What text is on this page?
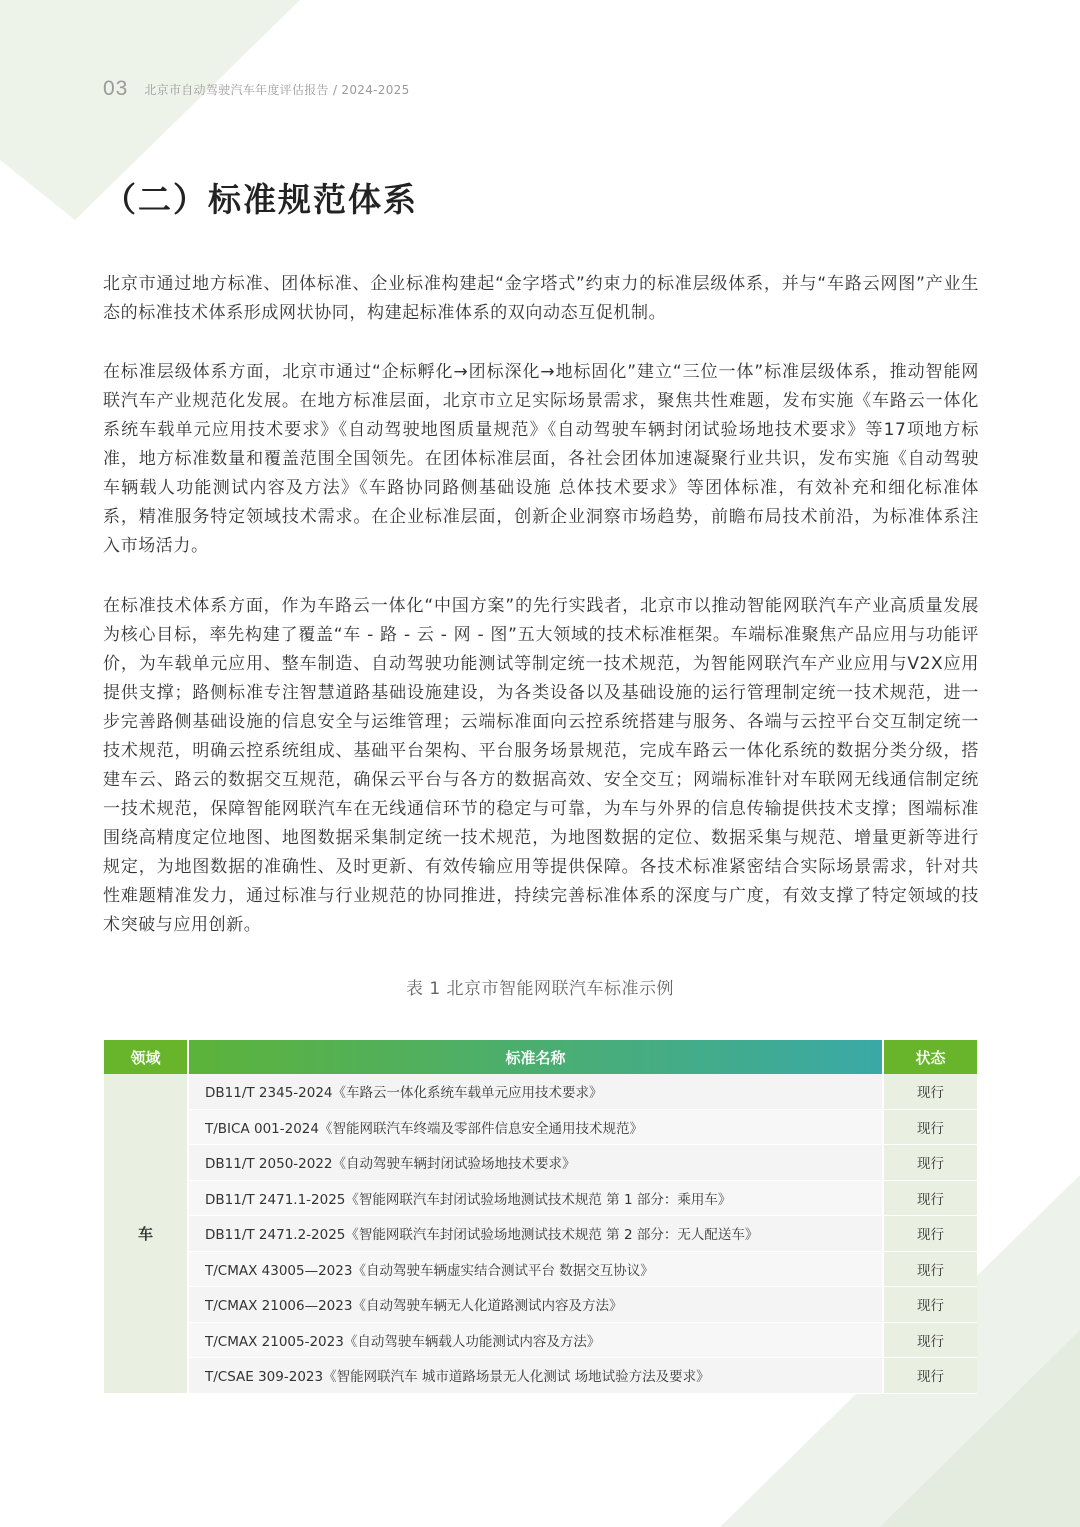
03 北京市自动驾驶汽车年度评估报告 / 2024-2025
（二）标准规范体系

北京市通过地方标准、团体标准、企业标准构建起“金字塔式”约束力的标准层级体系，并与“车路云网图”产业生态的标准技术体系形成网状协同，构建起标准体系的双向动态互促机制。

在标准层级体系方面，北京市通过“企标孵化→团标深化→地标固化”建立“三位一体”标准层级体系，推动智能网联汽车产业规范化发展。在地方标准层面，北京市立足实际场景需求，聚焦共性难题，发布实施《车路云一体化系统车载单元应用技术要求》《自动驾驶地图质量规范》《自动驾驶车辆封闭试验场地技术要求》等17项地方标准，地方标准数量和覆盖范围全国领先。在团体标准层面，各社会团体加速凝聚行业共识，发布实施《自动驾驶车辆载人功能测试内容及方法》《车路协同路侧基础设施 总体技术要求》等团体标准，有效补充和细化标准体系，精准服务特定领域技术需求。在企业标准层面，创新企业洞察市场趋势，前瞻布局技术前沿，为标准体系注入市场活力。

在标准技术体系方面，作为车路云一体化“中国方案”的先行实践者，北京市以推动智能网联汽车产业高质量发展为核心目标，率先构建了覆盖“车 - 路 - 云 - 网 - 图”五大领域的技术标准框架。车端标准聚焦产品应用与功能评价，为车载单元应用、整车制造、自动驾驶功能测试等制定统一技术规范，为智能网联汽车产业应用与V2X应用提供支撑；路侧标准专注智慧道路基础设施建设，为各类设备以及基础设施的运行管理制定统一技术规范，进一步完善路侧基础设施的信息安全与运维管理；云端标准面向云控系统搭建与服务、各端与云控平台交互制定统一技术规范，明确云控系统组成、基础平台架构、平台服务场景规范，完成车路云一体化系统的数据分类分级，搭建车云、路云的数据交互规范，确保云平台与各方的数据高效、安全交互；网端标准针对车联网无线通信制定统一技术规范，保障智能网联汽车在无线通信环节的稳定与可靠，为车与外界的信息传输提供技术支撑；图端标准围绕高精度定位地图、地图数据采集制定统一技术规范，为地图数据的定位、数据采集与规范、增量更新等进行规定，为地图数据的准确性、及时更新、有效传输应用等提供保障。各技术标准紧密结合实际场景需求，针对共性难题精准发力，通过标准与行业规范的协同推进，持续完善标准体系的深度与广度，有效支撑了特定领域的技术突破与应用创新。

表 1 北京市智能网联汽车标准示例
领域	标准名称	状态
车	DB11/T 2345-2024《车路云一体化系统车载单元应用技术要求》	现行
	T/BICA 001-2024《智能网联汽车终端及零部件信息安全通用技术规范》	现行
	DB11/T 2050-2022《自动驾驶车辆封闭试验场地技术要求》	现行
	DB11/T 2471.1-2025《智能网联汽车封闭试验场地测试技术规范 第 1 部分：乘用车》	现行
	DB11/T 2471.2-2025《智能网联汽车封闭试验场地测试技术规范 第 2 部分：无人配送车》	现行
	T/CMAX 43005—2023《自动驾驶车辆虚实结合测试平台 数据交互协议》	现行
	T/CMAX 21006—2023《自动驾驶车辆无人化道路测试内容及方法》	现行
	T/CMAX 21005-2023《自动驾驶车辆载人功能测试内容及方法》	现行
	T/CSAE 309-2023《智能网联汽车 城市道路场景无人化测试 场地试验方法及要求》	现行
